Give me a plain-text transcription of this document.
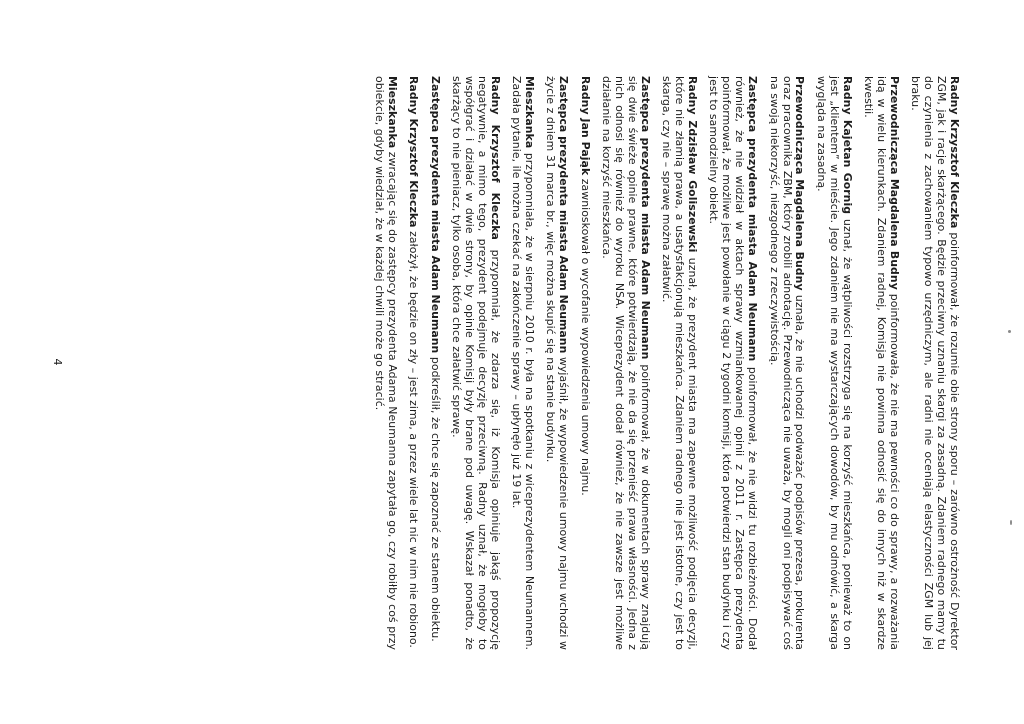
Radny Krzysztof Kleczka poinformował, że rozumie obie strony sporu – zarówno ostrożność Dyrektor ZGM, jak i racje skarżącego. Będzie przeciwny uznaniu skargi za zasadną. Zdaniem radnego mamy tu do czynienia z zachowaniem typowo urzędniczym, ale radni nie oceniają elastyczności ZGM lub jej braku.

Przewodnicząca Magdalena Budny poinformowała, że nie ma pewności co do sprawy, a rozważania idą w wielu kierunkach. Zdaniem radnej, Komisja nie powinna odnosić się do innych niż w skardze kwestii.

Radny Kajetan Gornig uznał, że wątpliwości rozstrzyga się na korzyść mieszkańca, ponieważ to on jest „klientem” w mieście. Jego zdaniem nie ma wystarczających dowodów, by mu odmówić, a skarga wygląda na zasadną.

Przewodnicząca Magdalena Budny uznała, że nie uchodzi podważać podpisów prezesa, prokurenta oraz pracownika ZBM, który zrobili adnotację. Przewodnicząca nie uważa, by mogli oni podpisywać coś na swoją niekorzyść, niezgodnego z rzeczywistością.

Zastępca prezydenta miasta Adam Neumann poinformował, że nie widzi tu rozbieżności. Dodał również, że nie widział w aktach sprawy wzmiankowanej opinii z 2011 r. Zastępca prezydenta poinformował, że możliwe jest powołanie w ciągu 2 tygodni komisji, która potwierdzi stan budynku i czy jest to samodzielny obiekt.

Radny Zdzisław Goliszewski uznał, że prezydent miasta ma zapewne możliwość podjęcia decyzji, które nie złamią prawa, a usatysfakcjonują mieszkańca. Zdaniem radnego nie jest istotne, czy jest to skarga, czy nie – sprawę można załatwić.

Zastępca prezydenta miasta Adam Neumann poinformował, że w dokumentach sprawy znajdują się dwie świeże opinie prawne, które potwierdzają, że nie da się przenieść prawa własności. Jedna z nich odnosi się również do wyroku NSA. Wiceprezydent dodał również, że nie zawsze jest możliwe działanie na korzyść mieszkańca.

Radny Jan Pająk zawnioskował o wycofanie wypowiedzenia umowy najmu.

Zastępca prezydenta miasta Adam Neumann wyjaśnił, że wypowiedzenie umowy najmu wchodzi w życie z dniem 31 marca br., więc można skupić się na stanie budynku.

Mieszkanka przypomniała, że w sierpniu 2010 r. była na spotkaniu z wiceprezydentem Neumannem. Zadała pytanie, ile można czekać na zakończenie sprawy – upłynęło już 19 lat.

Radny Krzysztof Kleczka przypomniał, że zdarza się, iż Komisja opiniuje jakąś propozycję negatywnie, a mimo tego, prezydent podejmuje decyzję przeciwną. Radny uznał, że mogłoby to współgrać i działać w dwie strony, by opinie Komisji były brane pod uwagę. Wskazał ponadto, że skarżący to nie pieniacz, tylko osoba, która chce załatwić sprawę.

Zastępca prezydenta miasta Adam Neumann podkreślił, że chce się zapoznać ze stanem obiektu.

Radny Krzysztof Kleczka założył, że będzie on zły – jest zima, a przez wiele lat nic w nim nie robiono.

Mieszkanka zwracając się do zastępcy prezydenta Adama Neumanna zapytała go, czy robiłby coś przy obiekcie, gdyby wiedział, że w każdej chwili może go stracić.

4
